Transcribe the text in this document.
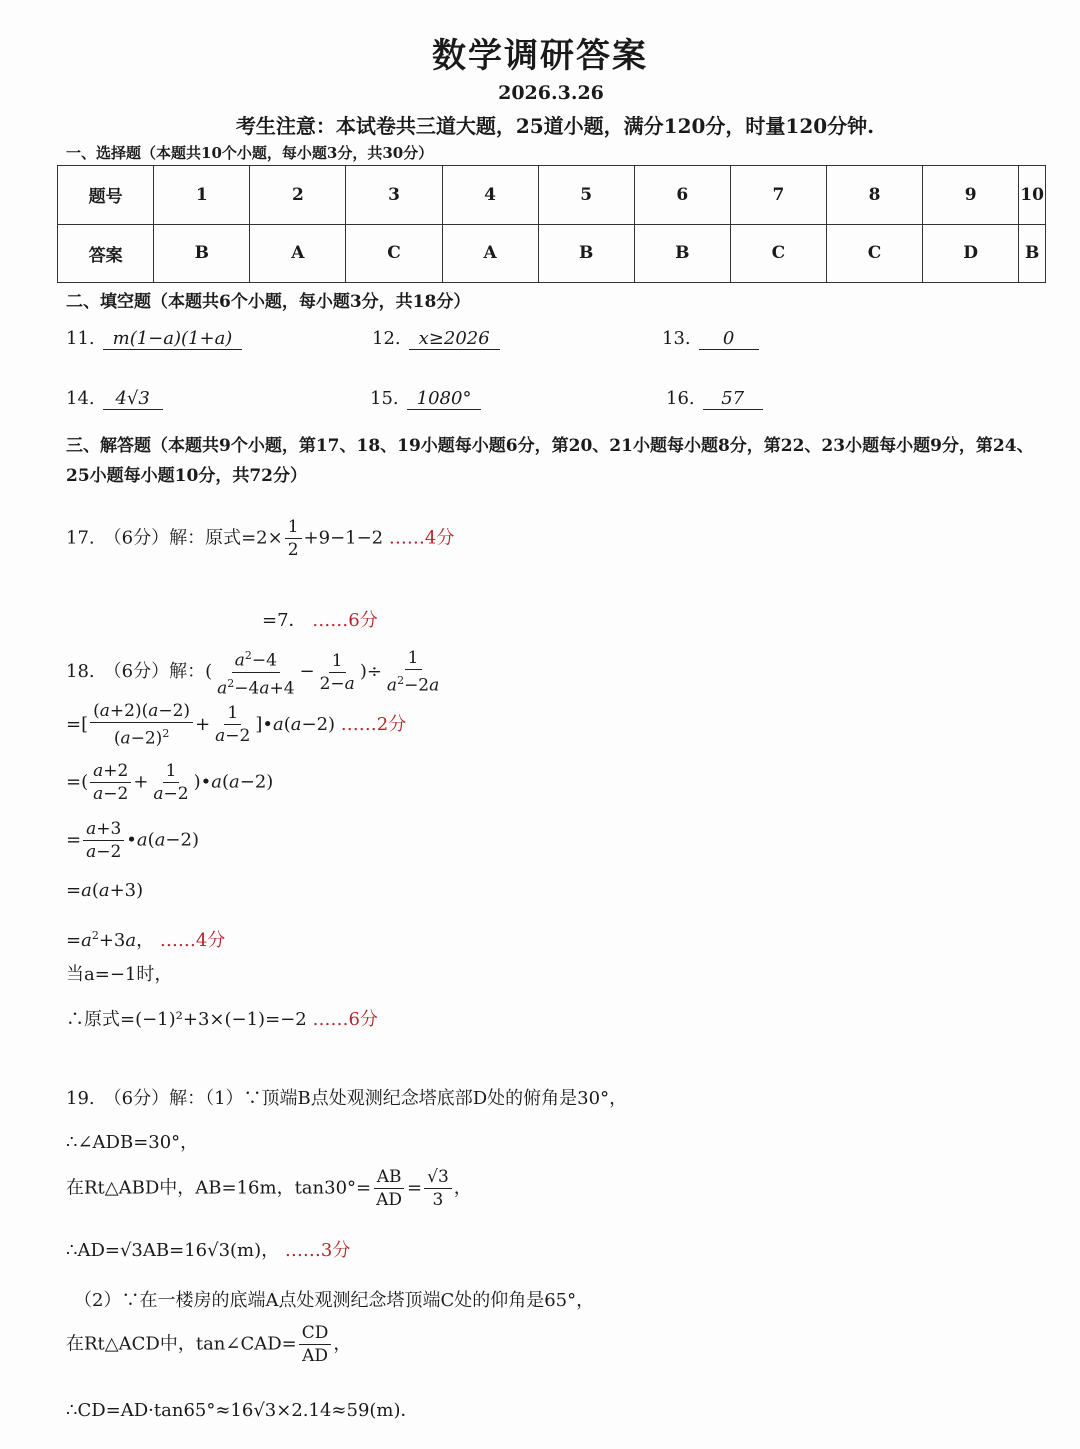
数学调研答案
2026.3.26
考生注意：本试卷共三道大题，25道小题，满分120分，时量120分钟.
一、选择题（本题共10个小题，每小题3分，共30分）
题号	1	2	3	4	5	6	7	8	9	10
答案	B	A	C	A	B	B	C	C	D	B
二、填空题（本题共6个小题，每小题3分，共18分）
11. m(1−a)(1+a)	12. x≥2026	13. 0
14. 4√3	15. 1080°	16. 57
三、解答题（本题共9个小题，第17、18、19小题每小题6分，第20、21小题每小题8分，第22、23小题每小题9分，第24、25小题每小题10分，共72分）
17.　（6分）解：原式$=2\times \frac{1}{2} +9-1-2$ ……4分
=7． ……6分
18.　（6分）解：( $\frac{a^2-4}{a^2-4a+4} - \frac{1}{2-a}$ )÷ $\frac{1}{a^2-2a}$
=[ $\frac{(a+2)(a-2)}{(a-2)^2} + \frac{1}{a-2}$ ]•a(a−2) ……2分
=( $\frac{a+2}{a-2} + \frac{1}{a-2}$ )•a(a−2)
= $\frac{a+3}{a-2}$ •a(a−2)
=a(a+3)
$=a^2+3a$， ……4分
当a=−1时，
∴原式=(−1)²+3×(−1)=−2 ……6分
19.　（6分）解：（1）∵顶端B点处观测纪念塔底部D处的俯角是30°，
∴∠ADB=30°，
在Rt△ABD中，AB=16m，$\tan 30^\circ= \frac{AB}{AD} = \frac{√3}{3}$ ，
∴AD=√3AB=16√3(m)， ……3分
（2）∵在一楼房的底端A点处观测纪念塔顶端C处的仰角是65°，
在Rt△ACD中，tan∠CAD= $\frac{CD}{AD}$ ，
∴CD=AD·tan65°≈16√3×2.14≈59(m)．
